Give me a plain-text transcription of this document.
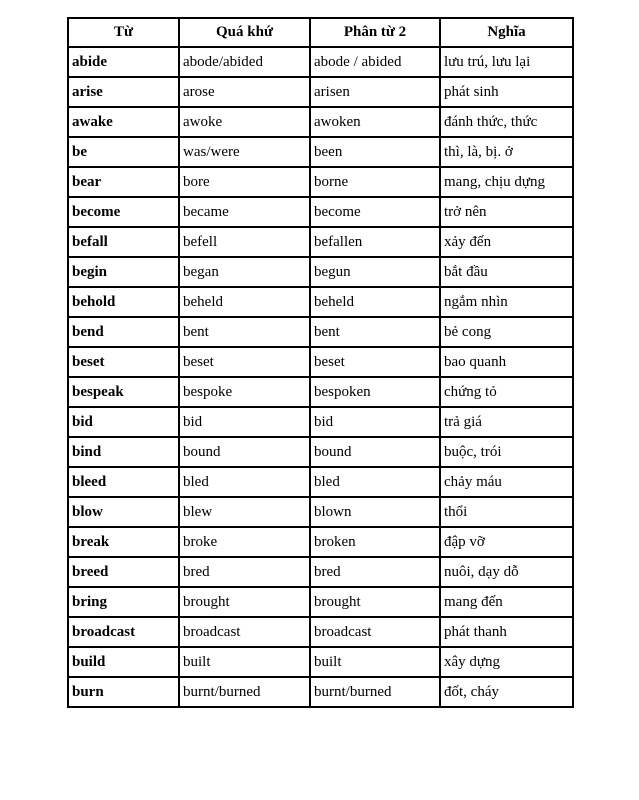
Từ	Quá khứ	Phân từ 2	Nghĩa
abide	abode/abided	abode / abided	lưu trú, lưu lại
arise	arose	arisen	phát sinh
awake	awoke	awoken	đánh thức, thức
be	was/were	been	thì, là, bị. ở
bear	bore	borne	mang, chịu dựng
become	became	become	trở nên
befall	befell	befallen	xảy đến
begin	began	begun	bắt đầu
behold	beheld	beheld	ngắm nhìn
bend	bent	bent	bẻ cong
beset	beset	beset	bao quanh
bespeak	bespoke	bespoken	chứng tỏ
bid	bid	bid	trả giá
bind	bound	bound	buộc, trói
bleed	bled	bled	chảy máu
blow	blew	blown	thổi
break	broke	broken	đập vỡ
breed	bred	bred	nuôi, dạy dỗ
bring	brought	brought	mang đến
broadcast	broadcast	broadcast	phát thanh
build	built	built	xây dựng
burn	burnt/burned	burnt/burned	đốt, cháy
